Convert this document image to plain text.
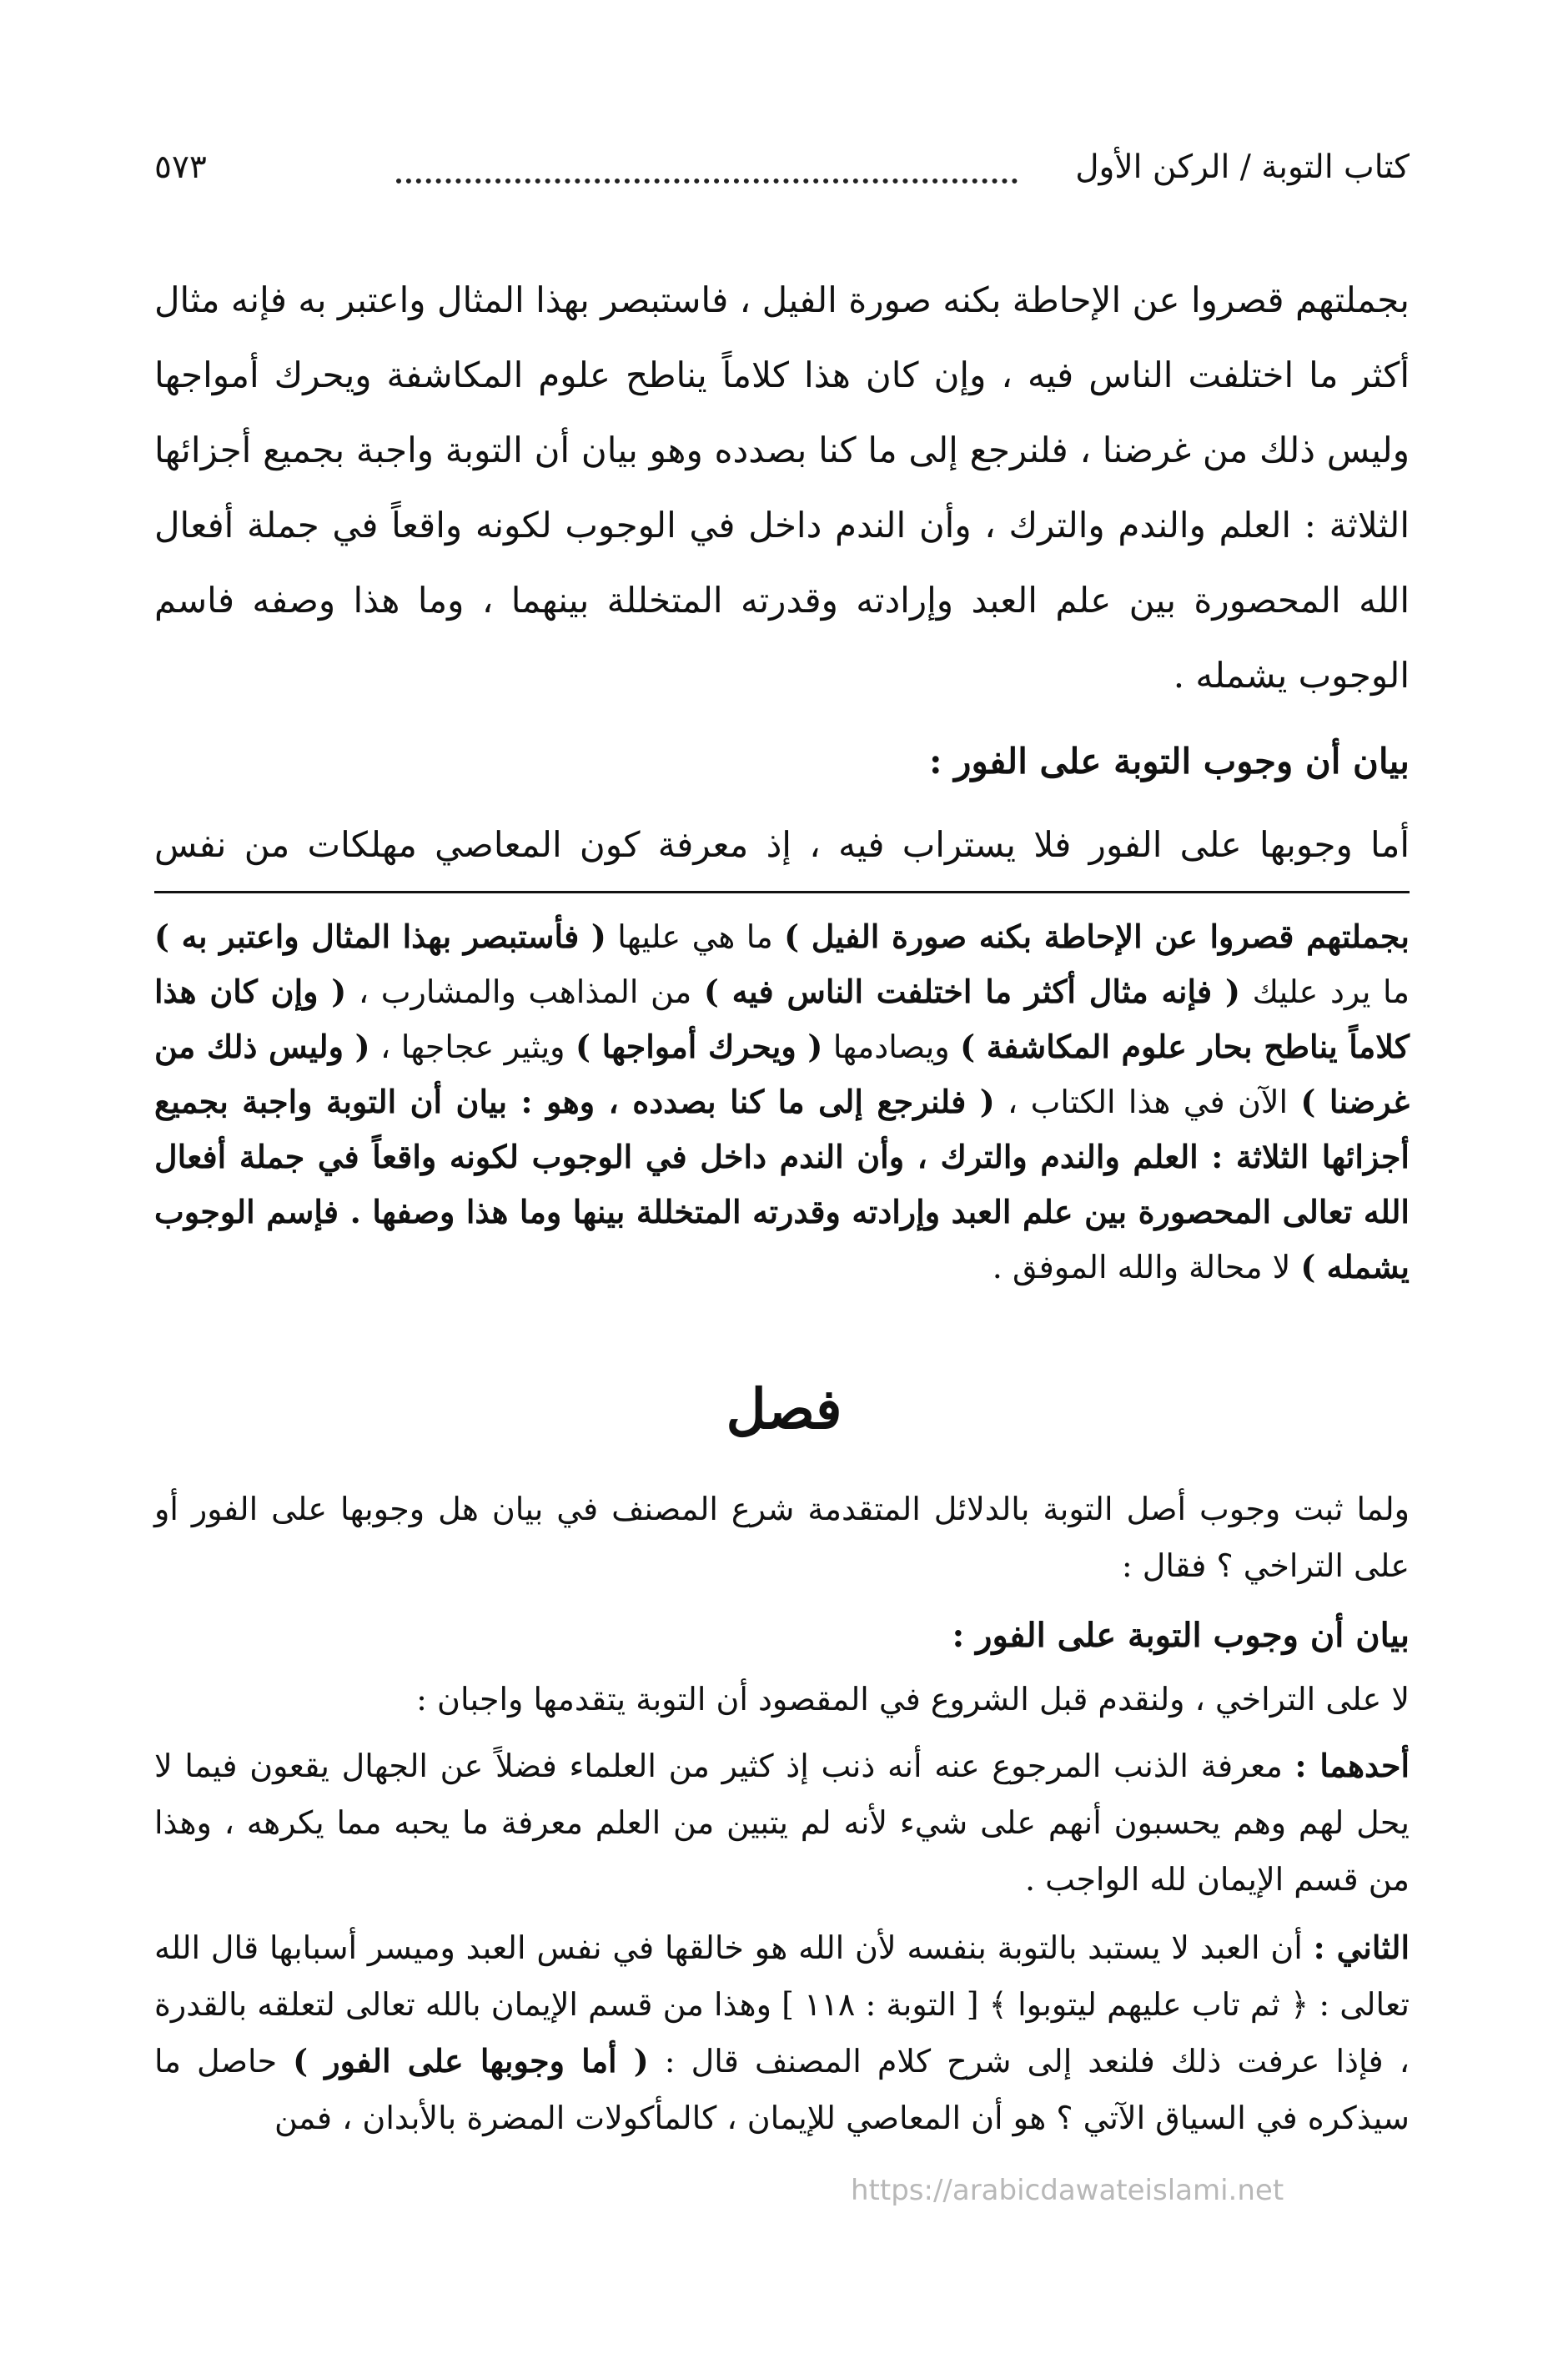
كتاب التوبة / الركن الأول
٥٧٣

بجملتهم قصروا عن الإحاطة بكنه صورة الفيل ، فاستبصر بهذا المثال واعتبر به فإنه مثال أكثر ما اختلفت الناس فيه ، وإن كان هذا كلاماً يناطح علوم المكاشفة ويحرك أمواجها وليس ذلك من غرضنا ، فلنرجع إلى ما كنا بصدده وهو بيان أن التوبة واجبة بجميع أجزائها الثلاثة : العلم والندم والترك ، وأن الندم داخل في الوجوب لكونه واقعاً في جملة أفعال الله المحصورة بين علم العبد وإرادته وقدرته المتخللة بينهما ، وما هذا وصفه فاسم الوجوب يشمله .

بيان أن وجوب التوبة على الفور :

أما وجوبها على الفور فلا يستراب فيه ، إذ معرفة كون المعاصي مهلكات من نفس

بجملتهم قصروا عن الإحاطة بكنه صورة الفيل ) ما هي عليها ( فأستبصر بهذا المثال واعتبر به ) ما يرد عليك ( فإنه مثال أكثر ما اختلفت الناس فيه ) من المذاهب والمشارب ، ( وإن كان هذا كلاماً يناطح بحار علوم المكاشفة ) ويصادمها ( ويحرك أمواجها ) ويثير عجاجها ، ( وليس ذلك من غرضنا ) الآن في هذا الكتاب ، ( فلنرجع إلى ما كنا بصدده ، وهو : بيان أن التوبة واجبة بجميع أجزائها الثلاثة : العلم والندم والترك ، وأن الندم داخل في الوجوب لكونه واقعاً في جملة أفعال الله تعالى المحصورة بين علم العبد وإرادته وقدرته المتخللة بينها وما هذا وصفها . فإسم الوجوب يشمله ) لا محالة والله الموفق .
فصل

ولما ثبت وجوب أصل التوبة بالدلائل المتقدمة شرع المصنف في بيان هل وجوبها على الفور أو على التراخي ؟ فقال :

بيان أن وجوب التوبة على الفور :

لا على التراخي ، ولنقدم قبل الشروع في المقصود أن التوبة يتقدمها واجبان :

أحدهما : معرفة الذنب المرجوع عنه أنه ذنب إذ كثير من العلماء فضلاً عن الجهال يقعون فيما لا يحل لهم وهم يحسبون أنهم على شيء لأنه لم يتبين من العلم معرفة ما يحبه مما يكرهه ، وهذا من قسم الإيمان لله الواجب .

الثاني : أن العبد لا يستبد بالتوبة بنفسه لأن الله هو خالقها في نفس العبد وميسر أسبابها قال الله تعالى : ﴿ ثم تاب عليهم ليتوبوا ﴾ [ التوبة : ١١٨ ] وهذا من قسم الإيمان بالله تعالى لتعلقه بالقدرة ، فإذا عرفت ذلك فلنعد إلى شرح كلام المصنف قال : ( أما وجوبها على الفور ) حاصل ما سيذكره في السياق الآتي ؟ هو أن المعاصي للإيمان ، كالمأكولات المضرة بالأبدان ، فمن

https://arabicdawateislami.net
